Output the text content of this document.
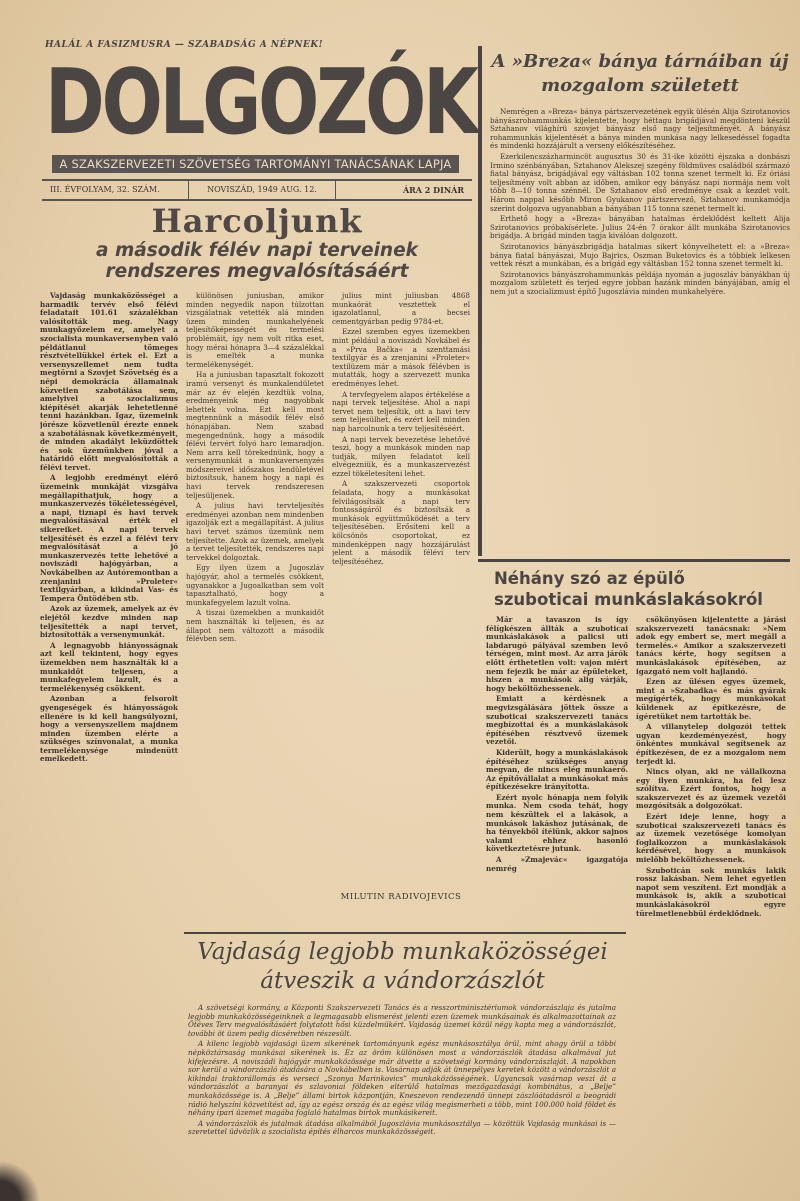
HALÁL A FASIZMUSRA — SZABADSÁG A NÉPNEK!
DOLGOZÓK
A SZAKSZERVEZETI SZÖVETSÉG TARTOMÁNYI TANÁCSÁNAK LAPJA
III. ÉVFOLYAM, 32. SZÁM.	NOVISZÁD, 1949 AUG. 12.	ÁRA 2 DINÁR
Harcoljunk
a második félév napi terveinek rendszeres megvalósításáért

Vajdaság munkaközösségei a harmadik tervév első félévi feladatait 101.61 százalékban valósították meg. Nagy munkagyőzelem ez, amelyet a szocialista munkaversenyben való példátlanul tömeges résztvétellükkel értek el. Ezt a versenyszellemet nem tudta megtörni a Szovjet Szövetség és a népi demokrácia államainak közvetlen szabotálása sem, amelyivel a szocializmus kiépítését akarják lehetetlenné tenni hazánkban. Igaz, üzemeink jórésze közvetlenül érezte ennek a szabotálásnak következményeit, de minden akadályt leküzdöttek és sok üzemünkben jóval a határidő előtt megvalósították a félévi tervet.

A legjobb eredményt elérő üzemeink munkáját vizsgálva megállapíthatjuk, hogy a munkaszervezés tökéletességével, a napi, tiznapi és havi tervek megvalósításával érték el sikereiket. A napi tervek teljesítését és ezzel a félévi terv megvalósítását a jó munkaszervezés tette lehetővé a noviszádi hajógyárban, a Novkábelben az Autóremontban a zrenjanini »Proleter« textilgyárban, a kikindai Vas- és Tempera Öntödében stb.

Azok az üzemek, amelyek az év elejétől kezdve minden nap teljesítették a napi tervet, biztosították a versenymunkát.

A legnagyobb hiányosságnak azt kell tekinteni, hogy egyes üzemekben nem használták ki a munkaidőt teljesen, a munkafegyelem lazult, és a termelékenység csökkent.

Azonban a felsorolt gyengeségek és hiányosságok ellenére is ki kell hangsúlyozni, hogy a versenyszellem majdnem minden üzemben elérte a szükséges színvonalat, a munka termelékenysége mindenütt emelkedett.

különösen juniusban, amikor minden negyedik napon túlzottan vizsgálatnak vetették alá minden üzem minden munkahelyének teljesítőképességét és termelési problémáit, így nem volt ritka eset, hogy mérai hónapra 3—4 százalékkal is emelték a munka termelékenységét.

Ha a juniusban tapasztalt fokozott iramú versenyt és munkalendületet már az év elején kezdtük volna, eredményeink még nagyobbak lehettek volna. Ezt kell most megtennünk a második félév első hónapjában. Nem szabad megengednünk, hogy a második félévi tervért folyó harc lemaradjon. Nem arra kell törekednünk, hogy a versenymunkát a munkaversenyzés módszereivel időszakos lendületével biztosítsuk, hanem hogy a napi és havi tervek rendszeresen teljesüljenek.

A julius havi tervteljesítés eredményei azonban nem mindenben igazolják ezt a megállapítást. A julius havi tervet számos üzemünk nem teljesítette. Azok az üzemek, amelyek a tervet teljesítették, rendszeres napi tervekkel dolgoztak.

Egy ilyen üzem a Jugoszláv hajógyár, ahol a termelés csökkent, ugyanakkor a Jugoalkatban sem volt tapasztalható, hogy a munkafegyelem lazult volna.

A tiszai üzemekben a munkaidőt nem használták ki teljesen, és az állapot nem változott a második félévben sem.

julius mint juliusban 4868 munkaórát vesztettek el igazolatlanul, a becsei cementgyárban pedig 9784-et.

Ezzel szemben egyes üzemekben mint például a noviszádi Novkábel és a »Prva Bačka« a szenttamási textilgyár és a zrenjanini »Proleter« textilüzem már a mások félévben is mutatták, hogy a szervezett munka eredményes lehet.

A tervfegyelem alapos értékelése a napi tervek teljesítése. Ahol a napi tervet nem teljesítik, ott a havi terv sem teljesülhet, és ezért kell minden nap harcolnunk a terv teljesítéséért.

A napi tervek bevezetése lehetővé teszi, hogy a munkások minden nap tudják, milyen feladatot kell elvégezniük, és a munkaszervezést ezzel tökéletesíteni lehet.

A szakszervezeti csoportok feladata, hogy a munkásokat felvilágosítsák a napi terv fontosságáról és biztosítsák a munkások együttműködését a terv teljesítésében. Erősíteni kell a kölcsönös csoportokat, ez mindenképpen nagy hozzájárulást jelent a második félévi terv teljesítéséhez.

MILUTIN RADIVOJEVICS
A »Breza« bánya tárnáiban új mozgalom született

Nemrégen a »Breza« bánya pártszervezetének egyik ülésén Alija Szirotanovics bányászrohammunkás kijelentette, hogy héttagu brigádjával megdönteni készül Sztahanov világhírü szovjet bányász első nagy teljesítményét. A bányász rohammunkás kijelentését a bánya minden munkása nagy lelkesedéssel fogadta és mindenki hozzájárult a verseny előkészítéséhez.

Ezerkilencszázharmincöt augusztus 30 és 31-ike közötti éjszaka a donbászi Irmino szénbányában, Sztahanov Alekszej szegény földmüves családból származó fiatal bányász, brigádjával egy váltásban 102 tonna szenet termelt ki. Ez óriási teljesítmény volt abban az időben, amikor egy bányász napi normája nem volt több 8—10 tonna szénnél. De Sztahanov első eredménye csak a kezdet volt. Három nappal később Miron Gyukanov pártszervező, Sztahanov munkamódja szerint dolgozva ugyanabban a bányában 115 tonna szenet termelt ki.

Erthető hogy a »Breza« bányában hatalmas érdeklődést keltett Alija Szirotanovics próbakísérlete. Julius 24-én 7 órakor állt munkába Szirotanovics brigádja. A brigád minden tagja kiválóan dolgozott.

Szirotanovics bányászbrigádja hatalmas sikert könyvelhetett el: a »Breza« bánya fiatal bányászai, Mujo Bajrics, Oszman Buketovics és a többiek lelkesen vettek részt a munkában, és a brigád egy váltásban 152 tonna szenet termelt ki.

Szirotanovics bányászrohammunkás példája nyomán a jugoszláv bányákban új mozgalom született és terjed egyre jobban hazánk minden bányájában, amíg el nem jut a szocializmust építő Jugoszlávia minden munkahelyére.

Néhány szó az épülő
szuboticai munkáslakásokról

Már a tavaszon is így félígkészen állták a szuboticai munkáslakások a palicsi uti labdarugó pályával szemben levő térségen, mint most. Az arra járók előtt érthetetlen volt: vajon miért nem fejezik be már az épületeket, hiszen a munkások alig várják, hogy beköltözhessenek.

Emiatt a kérdésnek a megvizsgálására jöttek össze a szuboticai szakszervezeti tanács megbízottai és a munkáslakások építésében résztvevő üzemek vezetői.

Kiderült, hogy a munkáslakások építéséhez szükséges anyag megvan, de nincs elég munkaerő. Az építővállalat a munkásokat más építkezésekre irányította.

Ezért nyolc hónapja nem folyik munka. Nem csoda tehát, hogy nem készültek el a lakások, a munkások lakáshoz jutásának, de ha tényekből ítélünk, akkor sajnos valami ehhez hasonló következtetésre jutunk.

A »Zmajevác« igazgatója nemrég

csökönyösen kijelentette a járási szakszervezeti tanácsnak: »Nem adok egy embert se, mert megáll a termelés.« Amikor a szakszervezeti tanács kérte, hogy segítsen a munkáslakások építésében, az igazgató nem volt hajlandó.

Ezen az ülésen egyes üzemek, mint a »Szabadka« és más gyárak megígérték, hogy munkásokat küldenek az építkezésre, de ígéretüket nem tartották be.

A villanytelep dolgozói tettek ugyan kezdeményezést, hogy önkéntes munkával segítsenek az építkezésen, de ez a mozgalom nem terjedt ki.

Nincs olyan, aki ne vállalkozna egy ilyen munkára, ha fel lesz szólítva. Ezért fontos, hogy a szakszervezet és az üzemek vezetői mozgósítsák a dolgozókat.

Ezért ideje lenne, hogy a szuboticai szakszervezeti tanács és az üzemek vezetősége komolyan foglalkozzon a munkáslakások kérdésével, hogy a munkások mielőbb beköltözhessenek.

Szuboticán sok munkás lakik rossz lakásban. Nem lehet egyetlen napot sem veszíteni. Ezt mondják a munkások is, akik a szuboticai munkáslakásokról egyre türelmetlenebbül érdeklődnek.

Vajdaság legjobb munkaközösségei
átveszik a vándorzászlót

A szövetségi kormány, a Központi Szakszervezeti Tanács és a resszortminisztériumok vándorzászlaja és jutalma legjobb munkaközösségeinknek a legmagasabb elismerést jelenti ezen üzemek munkásainak és alkalmazottainak az Ötéves Terv megvalósításáért folytatott hősi küzdelmükért. Vajdaság üzemei közül négy kapta meg a vándorzászlót, további öt üzem pedig dicséretben részesült.

A kilenc legjobb vajdasági üzem sikerének tartományunk egész munkásosztálya örül, mint ahogy örül a többi népköztársaság munkásai sikerének is. Ez az öröm különösen most a vándorzászlók átadása alkalmával jut kifejezésre. A noviszádi hajógyár munkaközössége már átvette a szövetségi kormány vándorzászlaját. A napokban sor kerül a vándorzászló átadására a Novkábelben is. Vasárnap adják át ünnepélyes keretek között a vándorzászlót a kikindai traktorállomás és verseci „Szonya Marinkovics” munkaközösségének. Ugyancsak vasárnap veszi át a vándorzászlót a baranyai és szlavoniai földeken elterülő hatalmas mezőgazdasági kombinátus, a „Belje” munkaközössége is. A „Belje” állami birtok központján, Kneszevon rendezendő ünnepi zászlóátadásról a beográdi rádió helyszíni közvetítést ad, így az egész ország és az egész világ megismerheti a több, mint 100.000 hold földet és néhány ipari üzemet magába foglaló hatalmas birtok munkásikereit.

A vándorzászlók és jutalmak átadása alkalmából Jugoszlávia munkásosztálya — közöttük Vajdaság munkásai is — szeretettel üdvözlik a szocialista építés élharcos munkaközösségeit.
